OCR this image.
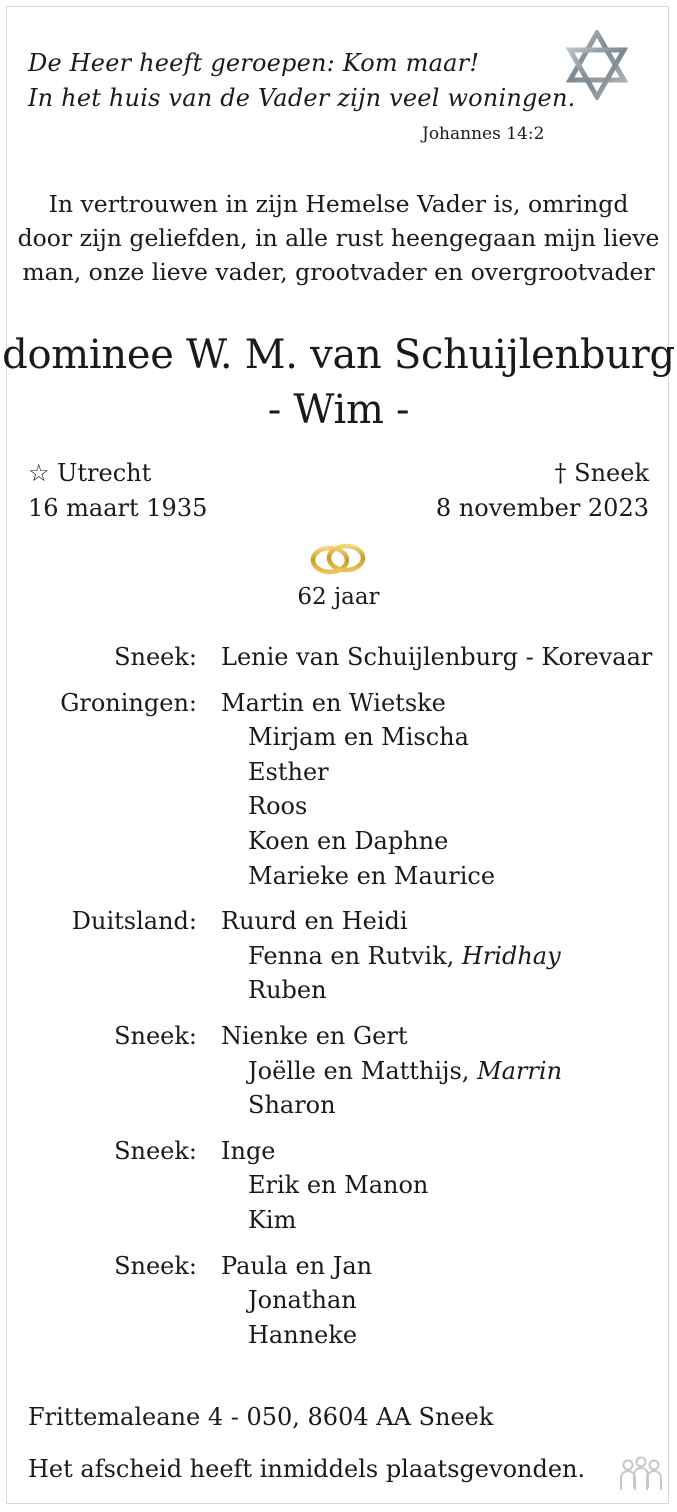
De Heer heeft geroepen: Kom maar!
In het huis van de Vader zijn veel woningen.
Johannes 14:2
In vertrouwen in zijn Hemelse Vader is, omringd
door zijn geliefden, in alle rust heengegaan mijn lieve
man, onze lieve vader, grootvader en overgrootvader
dominee W. M. van Schuijlenburg
- Wim -
☆ Utrecht
16 maart 1935
† Sneek
8 november 2023
62 jaar
Sneek: Lenie van Schuijlenburg - Korevaar
Groningen: Martin en Wietske
Mirjam en Mischa
Esther
Roos
Koen en Daphne
Marieke en Maurice
Duitsland: Ruurd en Heidi
Fenna en Rutvik, Hridhay
Ruben
Sneek: Nienke en Gert
Joëlle en Matthijs, Marrin
Sharon
Sneek: Inge
Erik en Manon
Kim
Sneek: Paula en Jan
Jonathan
Hanneke
Frittemaleane 4 - 050, 8604 AA Sneek
Het afscheid heeft inmiddels plaatsgevonden.
